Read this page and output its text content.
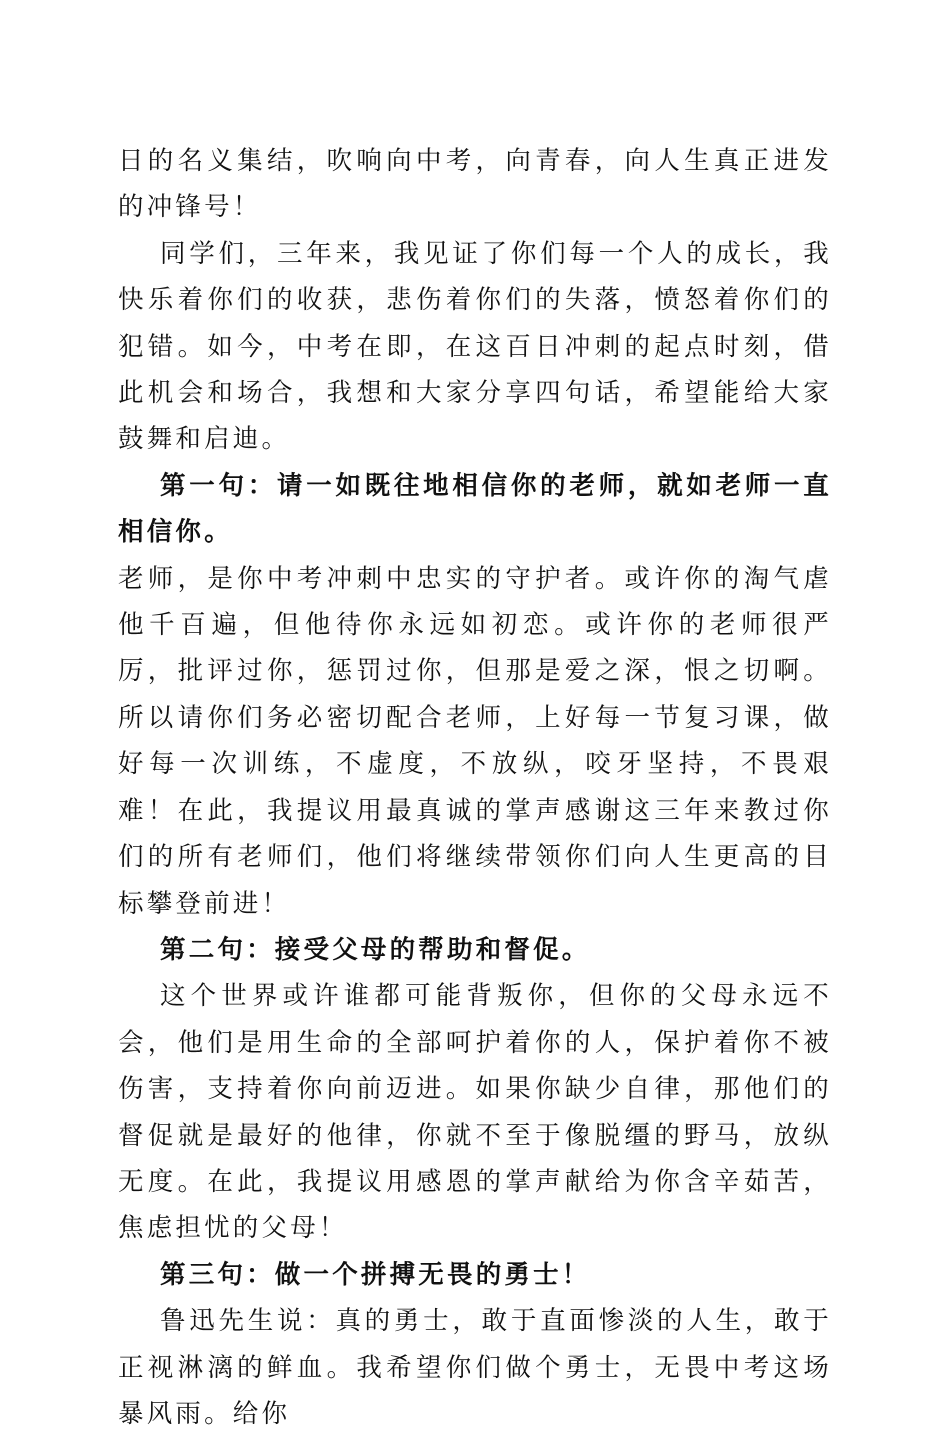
日的名义集结，吹响向中考，向青春，向人生真正进发的冲锋号！

同学们，三年来，我见证了你们每一个人的成长，我快乐着你们的收获，悲伤着你们的失落，愤怒着你们的犯错。如今，中考在即，在这百日冲刺的起点时刻，借此机会和场合，我想和大家分享四句话，希望能给大家鼓舞和启迪。

第一句：请一如既往地相信你的老师，就如老师一直相信你。

老师，是你中考冲刺中忠实的守护者。或许你的淘气虐他千百遍，但他待你永远如初恋。或许你的老师很严厉，批评过你，惩罚过你，但那是爱之深，恨之切啊。所以请你们务必密切配合老师，上好每一节复习课，做好每一次训练，不虚度，不放纵，咬牙坚持，不畏艰难！在此，我提议用最真诚的掌声感谢这三年来教过你们的所有老师们，他们将继续带领你们向人生更高的目标攀登前进！

第二句：接受父母的帮助和督促。

这个世界或许谁都可能背叛你，但你的父母永远不会，他们是用生命的全部呵护着你的人，保护着你不被伤害，支持着你向前迈进。如果你缺少自律，那他们的督促就是最好的他律，你就不至于像脱缰的野马，放纵无度。在此，我提议用感恩的掌声献给为你含辛茹苦，焦虑担忧的父母！

第三句：做一个拼搏无畏的勇士！

鲁迅先生说：真的勇士，敢于直面惨淡的人生，敢于正视淋漓的鲜血。我希望你们做个勇士，无畏中考这场暴风雨。给你
